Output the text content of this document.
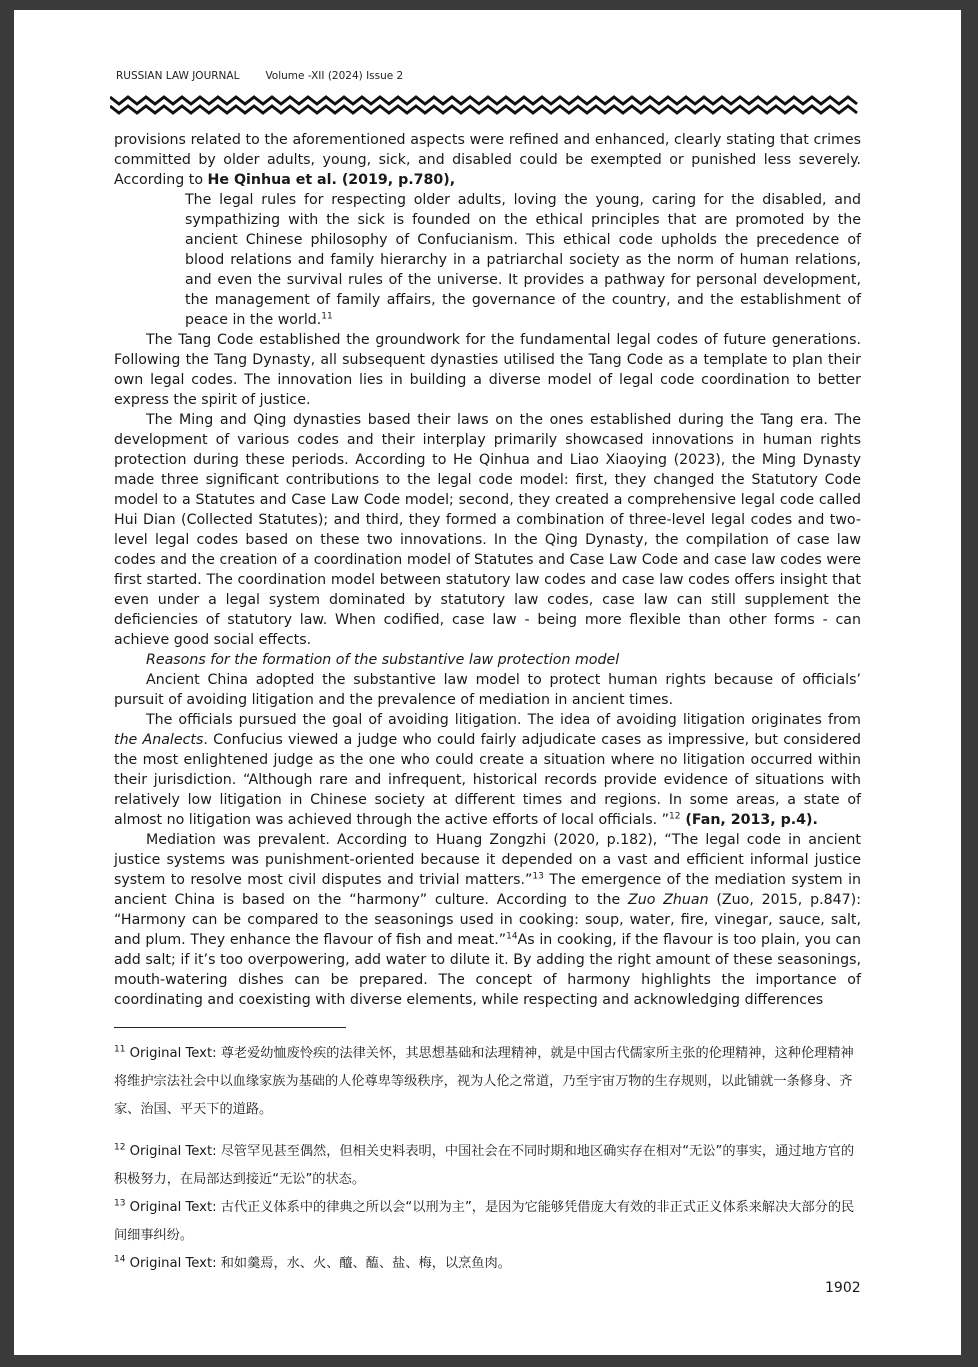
RUSSIAN LAW JOURNAL Volume -XII (2024) Issue 2

provisions related to the aforementioned aspects were refined and enhanced, clearly stating that crimes committed by older adults, young, sick, and disabled could be exempted or punished less severely. According to He Qinhua et al. (2019, p.780),

The legal rules for respecting older adults, loving the young, caring for the disabled, and sympathizing with the sick is founded on the ethical principles that are promoted by the ancient Chinese philosophy of Confucianism. This ethical code upholds the precedence of blood relations and family hierarchy in a patriarchal society as the norm of human relations, and even the survival rules of the universe. It provides a pathway for personal development, the management of family affairs, the governance of the country, and the establishment of peace in the world.$^{11}$

The Tang Code established the groundwork for the fundamental legal codes of future generations. Following the Tang Dynasty, all subsequent dynasties utilised the Tang Code as a template to plan their own legal codes. The innovation lies in building a diverse model of legal code coordination to better express the spirit of justice.

The Ming and Qing dynasties based their laws on the ones established during the Tang era. The development of various codes and their interplay primarily showcased innovations in human rights protection during these periods. According to He Qinhua and Liao Xiaoying (2023), the Ming Dynasty made three significant contributions to the legal code model: first, they changed the Statutory Code model to a Statutes and Case Law Code model; second, they created a comprehensive legal code called Hui Dian (Collected Statutes); and third, they formed a combination of three-level legal codes and two-level legal codes based on these two innovations. In the Qing Dynasty, the compilation of case law codes and the creation of a coordination model of Statutes and Case Law Code and case law codes were first started. The coordination model between statutory law codes and case law codes offers insight that even under a legal system dominated by statutory law codes, case law can still supplement the deficiencies of statutory law. When codified, case law - being more flexible than other forms - can achieve good social effects.

Reasons for the formation of the substantive law protection model

Ancient China adopted the substantive law model to protect human rights because of officials’ pursuit of avoiding litigation and the prevalence of mediation in ancient times.

The officials pursued the goal of avoiding litigation. The idea of avoiding litigation originates from the Analects. Confucius viewed a judge who could fairly adjudicate cases as impressive, but considered the most enlightened judge as the one who could create a situation where no litigation occurred within their jurisdiction. “Although rare and infrequent, historical records provide evidence of situations with relatively low litigation in Chinese society at different times and regions. In some areas, a state of almost no litigation was achieved through the active efforts of local officials. ”$^{12}$ (Fan, 2013, p.4).

Mediation was prevalent. According to Huang Zongzhi (2020, p.182), “The legal code in ancient justice systems was punishment-oriented because it depended on a vast and efficient informal justice system to resolve most civil disputes and trivial matters.”$^{13}$ The emergence of the mediation system in ancient China is based on the “harmony” culture. According to the Zuo Zhuan (Zuo, 2015, p.847): “Harmony can be compared to the seasonings used in cooking: soup, water, fire, vinegar, sauce, salt, and plum. They enhance the flavour of fish and meat.”$^{14}$As in cooking, if the flavour is too plain, you can add salt; if it’s too overpowering, add water to dilute it. By adding the right amount of these seasonings, mouth-watering dishes can be prepared. The concept of harmony highlights the importance of coordinating and coexisting with diverse elements, while respecting and acknowledging differences

$^{11}$ Original Text: 尊老爱幼恤废怜疾的法律关怀，其思想基础和法理精神，就是中国古代儒家所主张的伦理精神，这种伦理精神将维护宗法社会中以血缘家族为基础的人伦尊卑等级秩序，视为人伦之常道，乃至宇宙万物的生存规则，以此铺就一条修身、齐家、治国、平天下的道路。

$^{12}$ Original Text: 尽管罕见甚至偶然，但相关史料表明，中国社会在不同时期和地区确实存在相对“无讼”的事实，通过地方官的积极努力，在局部达到接近“无讼”的状态。

$^{13}$ Original Text: 古代正义体系中的律典之所以会“以刑为主”，是因为它能够凭借庞大有效的非正式正义体系来解决大部分的民间细事纠纷。

$^{14}$ Original Text: 和如羹焉，水、火、醯、醢、盐、梅，以烹鱼肉。

1902
